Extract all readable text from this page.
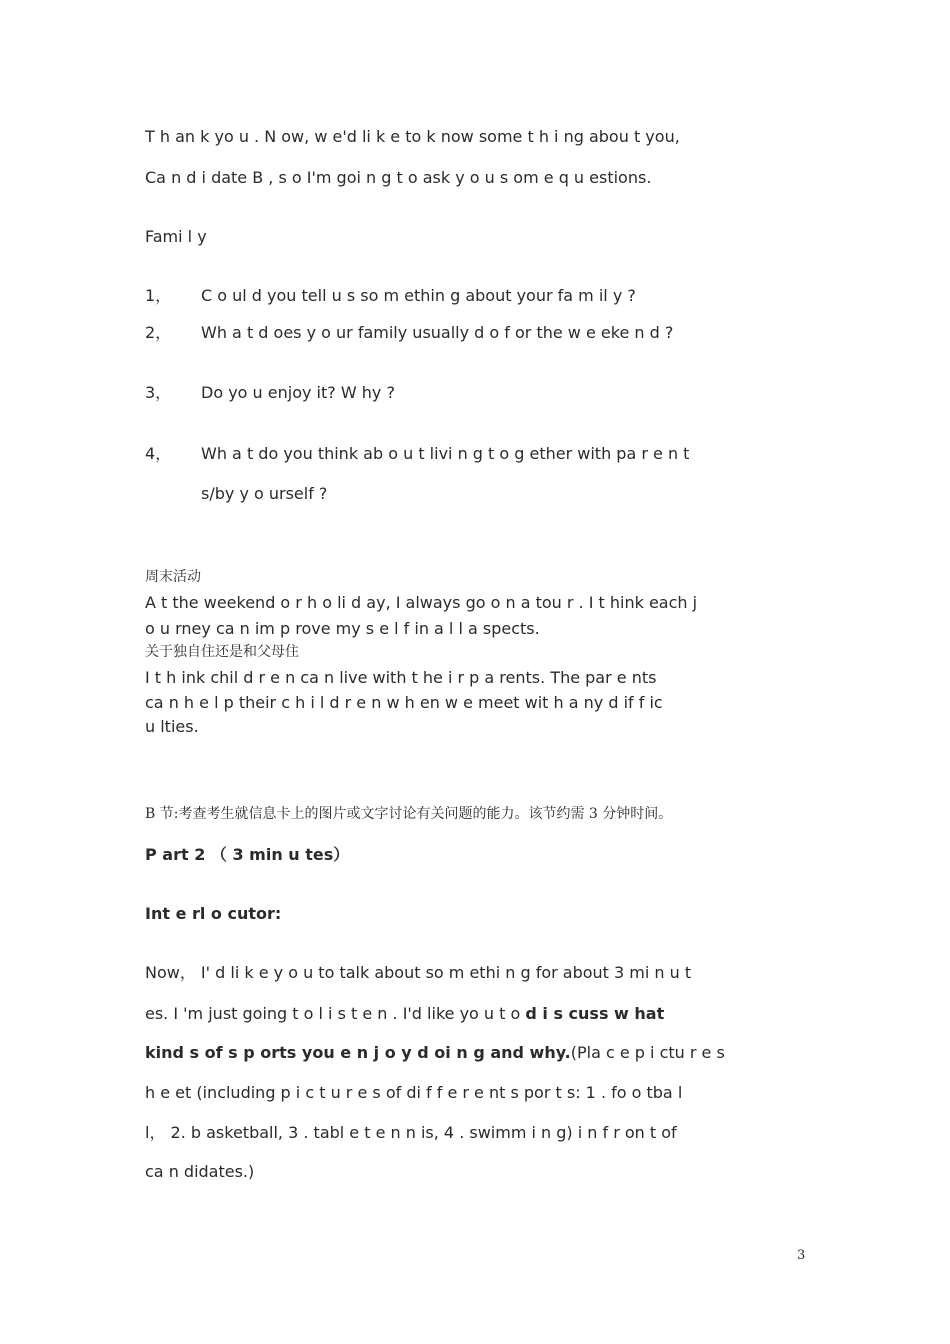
T h an k yo u . N ow, w e'd li k e to k now some t h i ng abou t you,
Ca n d i date B , s o I'm goi n g t o ask y o u s om e q u estions.
Fami l y
1， C o ul d you tell u s so m ethin g about your fa m il y ?
2， Wh a t d oes y o ur family usually d o f or the w e eke n d ?
3， Do yo u enjoy it? W hy ?
4， Wh a t do you think ab o u t livi n g t o g ether with pa r e n t
s/by y o urself ?
周末活动
A t the weekend o r h o li d ay, I always go o n a tou r . I t hink each j
o u rney ca n im p rove my s e l f in a l l a spects.
关于独自住还是和父母住
I t h ink chil d r e n ca n live with t he i r p a rents. The par e nts
ca n h e l p their c h i l d r e n w h en w e meet wit h a ny d if f ic
u lties.
B 节:考查考生就信息卡上的图片或文字讨论有关问题的能力。该节约需 3 分钟时间。
P art 2 （ 3 min u tes）
Int e rl o cutor:
Now， I' d li k e y o u to talk about so m ethi n g for about 3 mi n u t
es. I 'm just going t o l i s t e n . I'd like yo u t o d i s cuss w hat
kind s of s p orts you e n j o y d oi n g and why.(Pla c e p i ctu r e s
h e et (including p i c t u r e s of di f f e r e nt s por t s: 1 . fo o tba l
l， 2. b asketball, 3 . tabl e t e n n is, 4 . swimm i n g) i n f r on t of
ca n didates.)
3
